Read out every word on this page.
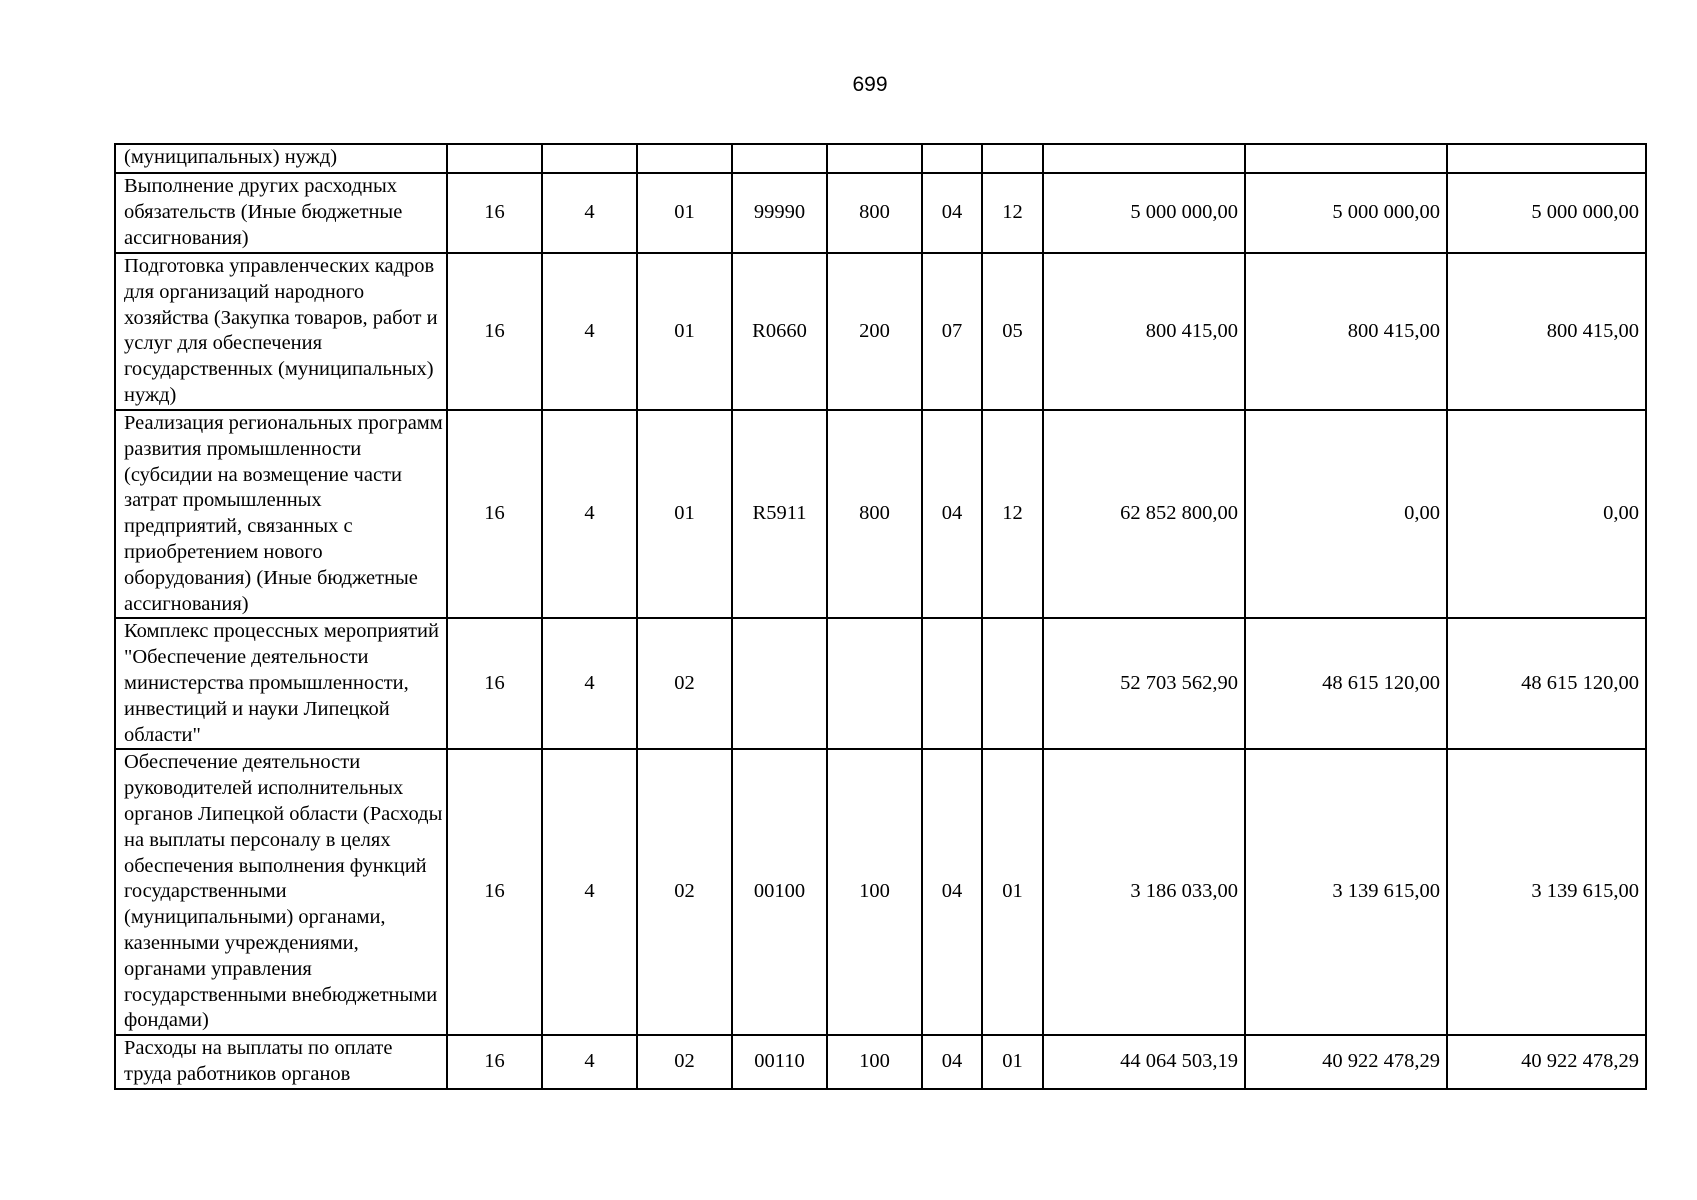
699
(муниципальных) нужд)										
Выполнение других расходных обязательств (Иные бюджетные ассигнования)	16	4	01	99990	800	04	12	5 000 000,00	5 000 000,00	5 000 000,00
Подготовка управленческих кадров для организаций народного хозяйства (Закупка товаров, работ и услуг для обеспечения государственных (муниципальных) нужд)	16	4	01	R0660	200	07	05	800 415,00	800 415,00	800 415,00
Реализация региональных программ развития промышленности (субсидии на возмещение части затрат промышленных предприятий, связанных с приобретением нового оборудования) (Иные бюджетные ассигнования)	16	4	01	R5911	800	04	12	62 852 800,00	0,00	0,00
Комплекс процессных мероприятий "Обеспечение деятельности министерства промышленности, инвестиций и науки Липецкой области"	16	4	02					52 703 562,90	48 615 120,00	48 615 120,00
Обеспечение деятельности руководителей исполнительных органов Липецкой области (Расходы на выплаты персоналу в целях обеспечения выполнения функций государственными (муниципальными) органами, казенными учреждениями, органами управления государственными внебюджетными фондами)	16	4	02	00100	100	04	01	3 186 033,00	3 139 615,00	3 139 615,00
Расходы на выплаты по оплате труда работников органов	16	4	02	00110	100	04	01	44 064 503,19	40 922 478,29	40 922 478,29
